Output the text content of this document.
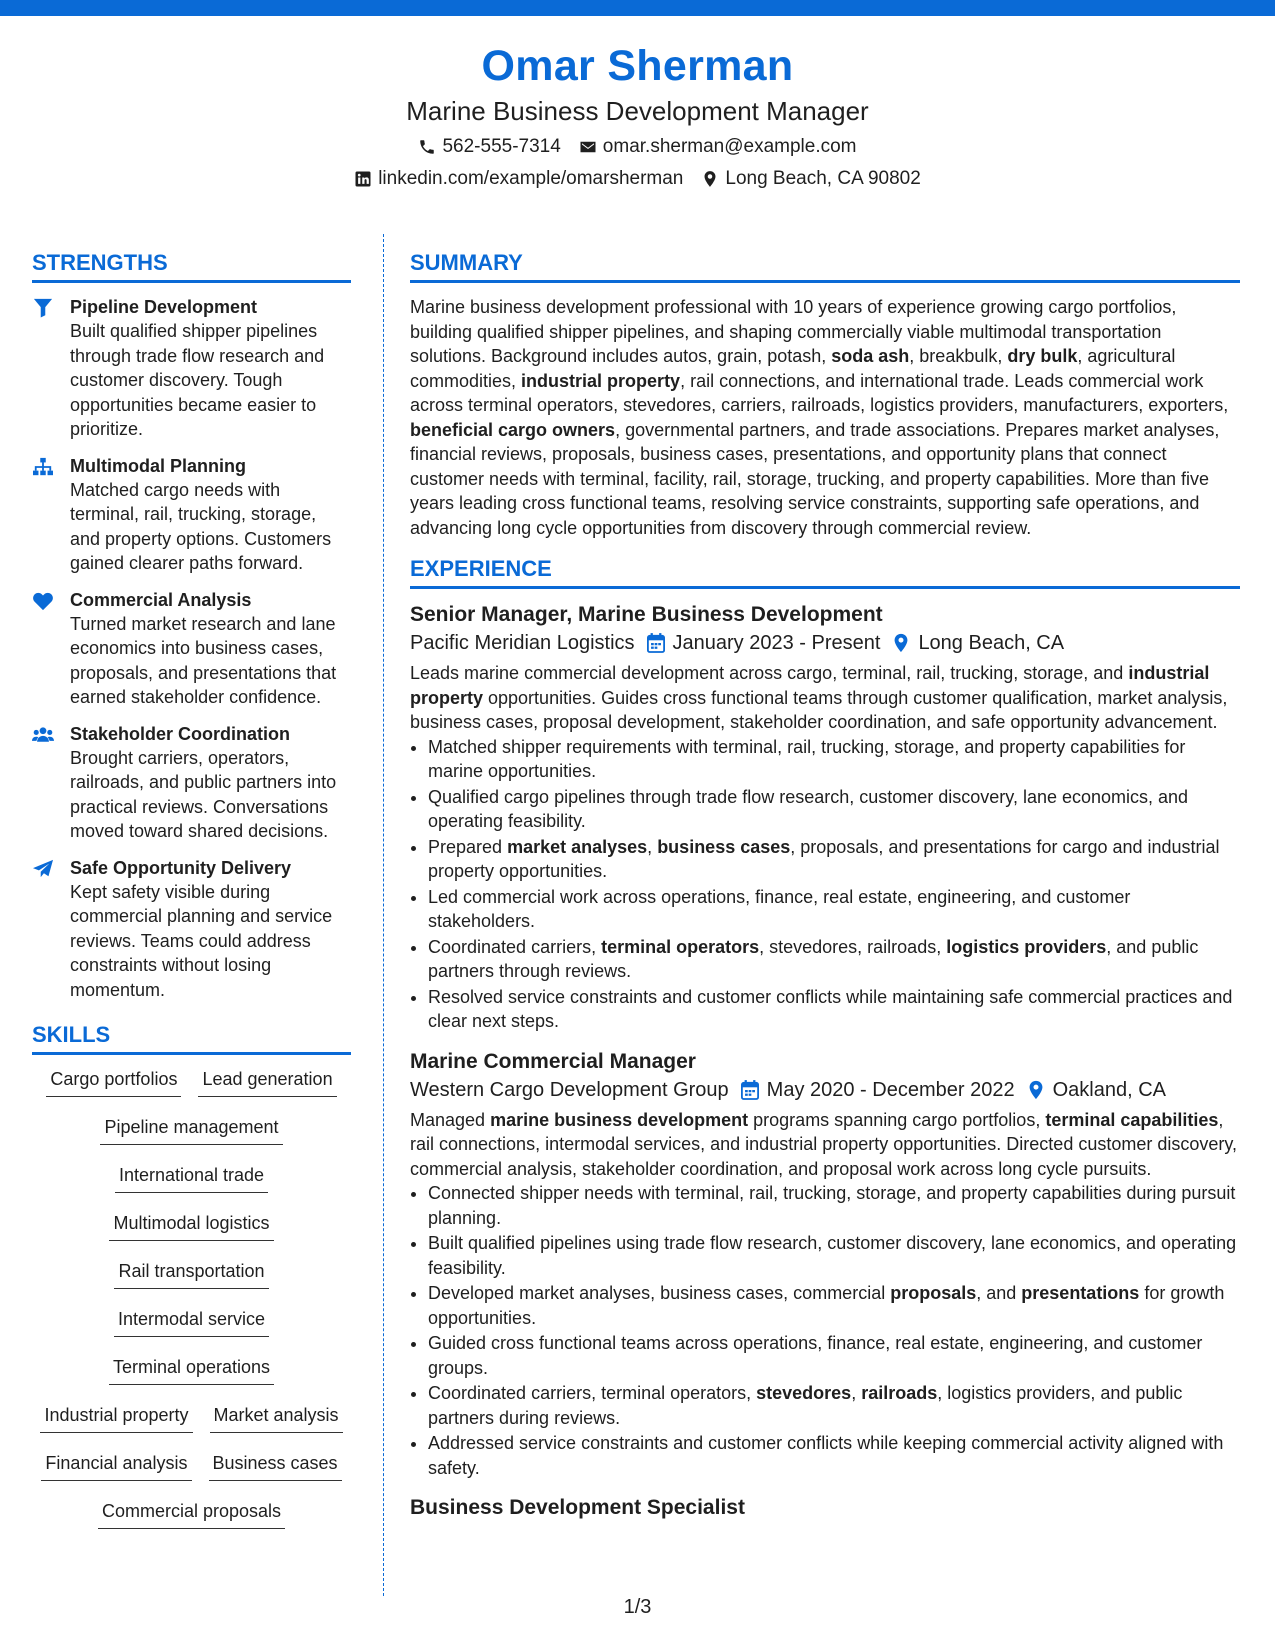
Omar Sherman
Marine Business Development Manager
562-555-7314 omar.sherman@example.com
linkedin.com/example/omarsherman Long Beach, CA 90802
STRENGTHS
Pipeline Development
Built qualified shipper pipelines through trade flow research and customer discovery. Tough opportunities became easier to prioritize.
Multimodal Planning
Matched cargo needs with terminal, rail, trucking, storage, and property options. Customers gained clearer paths forward.
Commercial Analysis
Turned market research and lane economics into business cases, proposals, and presentations that earned stakeholder confidence.
Stakeholder Coordination
Brought carriers, operators, railroads, and public partners into practical reviews. Conversations moved toward shared decisions.
Safe Opportunity Delivery
Kept safety visible during commercial planning and service reviews. Teams could address constraints without losing momentum.
SKILLS
Cargo portfolios Lead generation
Pipeline management
International trade
Multimodal logistics
Rail transportation
Intermodal service
Terminal operations
Industrial property Market analysis
Financial analysis Business cases
Commercial proposals
SUMMARY
Marine business development professional with 10 years of experience growing cargo portfolios, building qualified shipper pipelines, and shaping commercially viable multimodal transportation solutions. Background includes autos, grain, potash, soda ash, breakbulk, dry bulk, agricultural commodities, industrial property, rail connections, and international trade. Leads commercial work across terminal operators, stevedores, carriers, railroads, logistics providers, manufacturers, exporters, beneficial cargo owners, governmental partners, and trade associations. Prepares market analyses, financial reviews, proposals, business cases, presentations, and opportunity plans that connect customer needs with terminal, facility, rail, storage, trucking, and property capabilities. More than five years leading cross functional teams, resolving service constraints, supporting safe operations, and advancing long cycle opportunities from discovery through commercial review.
EXPERIENCE
Senior Manager, Marine Business Development
Pacific Meridian Logistics January 2023 - Present Long Beach, CA
Leads marine commercial development across cargo, terminal, rail, trucking, storage, and industrial property opportunities. Guides cross functional teams through customer qualification, market analysis, business cases, proposal development, stakeholder coordination, and safe opportunity advancement.
• Matched shipper requirements with terminal, rail, trucking, storage, and property capabilities for marine opportunities.
• Qualified cargo pipelines through trade flow research, customer discovery, lane economics, and operating feasibility.
• Prepared market analyses, business cases, proposals, and presentations for cargo and industrial property opportunities.
• Led commercial work across operations, finance, real estate, engineering, and customer stakeholders.
• Coordinated carriers, terminal operators, stevedores, railroads, logistics providers, and public partners through reviews.
• Resolved service constraints and customer conflicts while maintaining safe commercial practices and clear next steps.
Marine Commercial Manager
Western Cargo Development Group May 2020 - December 2022 Oakland, CA
Managed marine business development programs spanning cargo portfolios, terminal capabilities, rail connections, intermodal services, and industrial property opportunities. Directed customer discovery, commercial analysis, stakeholder coordination, and proposal work across long cycle pursuits.
• Connected shipper needs with terminal, rail, trucking, storage, and property capabilities during pursuit planning.
• Built qualified pipelines using trade flow research, customer discovery, lane economics, and operating feasibility.
• Developed market analyses, business cases, commercial proposals, and presentations for growth opportunities.
• Guided cross functional teams across operations, finance, real estate, engineering, and customer groups.
• Coordinated carriers, terminal operators, stevedores, railroads, logistics providers, and public partners during reviews.
• Addressed service constraints and customer conflicts while keeping commercial activity aligned with safety.
Business Development Specialist
1/3
